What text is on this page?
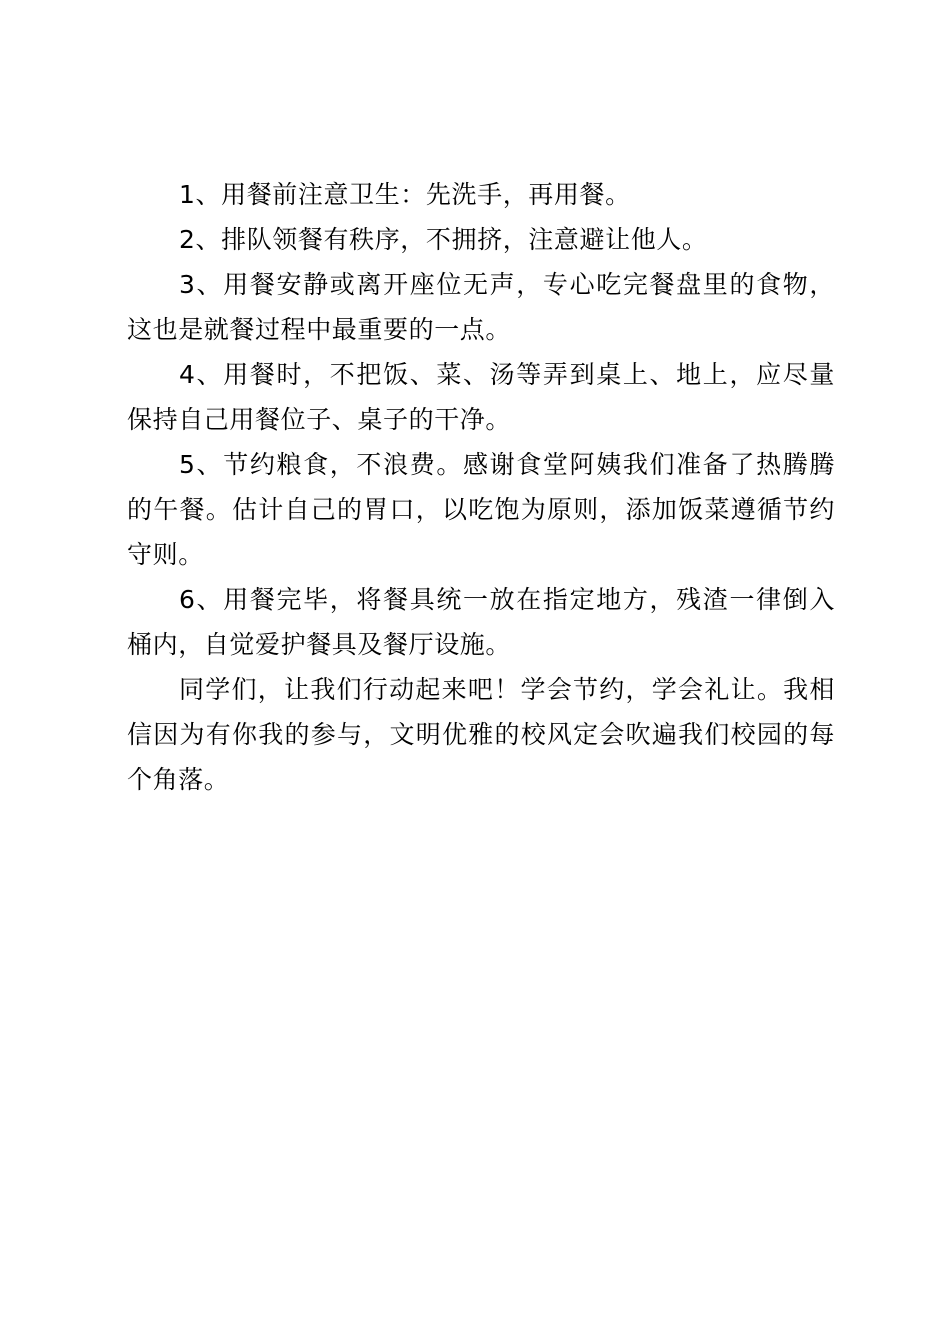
1、用餐前注意卫生：先洗手，再用餐。

2、排队领餐有秩序，不拥挤，注意避让他人。

3、用餐安静或离开座位无声，专心吃完餐盘里的食物，这也是就餐过程中最重要的一点。

4、用餐时，不把饭、菜、汤等弄到桌上、地上，应尽量保持自己用餐位子、桌子的干净。

5、节约粮食，不浪费。感谢食堂阿姨我们准备了热腾腾的午餐。估计自己的胃口，以吃饱为原则，添加饭菜遵循节约守则。

6、用餐完毕，将餐具统一放在指定地方，残渣一律倒入桶内，自觉爱护餐具及餐厅设施。

同学们，让我们行动起来吧！学会节约，学会礼让。我相信因为有你我的参与，文明优雅的校风定会吹遍我们校园的每个角落。
